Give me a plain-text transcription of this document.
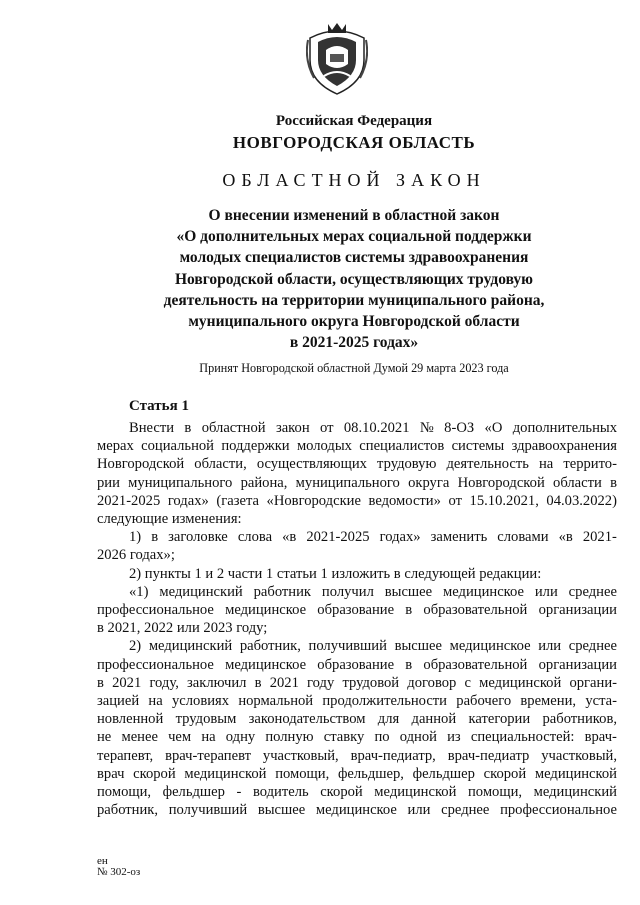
Российская Федерация
НОВГОРОДСКАЯ ОБЛАСТЬ
ОБЛАСТНОЙ ЗАКОН
О внесении изменений в областной закон
«О дополнительных мерах социальной поддержки
молодых специалистов системы здравоохранения
Новгородской области, осуществляющих трудовую
деятельность на территории муниципального района,
муниципального округа Новгородской области
в 2021-2025 годах»
Принят Новгородской областной Думой 29 марта 2023 года
Статья 1
Внести в областной закон от 08.10.2021 № 8-ОЗ «О дополнительных
мерах социальной поддержки молодых специалистов системы здравоохранения
Новгородской области, осуществляющих трудовую деятельность на террито-
рии муниципального района, муниципального округа Новгородской области в
2021-2025 годах» (газета «Новгородские ведомости» от 15.10.2021, 04.03.2022)
следующие изменения:
1) в заголовке слова «в 2021-2025 годах» заменить словами «в 2021-
2026 годах»;
2) пункты 1 и 2 части 1 статьи 1 изложить в следующей редакции:
«1) медицинский работник получил высшее медицинское или среднее
профессиональное медицинское образование в образовательной организации
в 2021, 2022 или 2023 году;
2) медицинский работник, получивший высшее медицинское или среднее
профессиональное медицинское образование в образовательной организации
в 2021 году, заключил в 2021 году трудовой договор с медицинской органи-
зацией на условиях нормальной продолжительности рабочего времени, уста-
новленной трудовым законодательством для данной категории работников,
не менее чем на одну полную ставку по одной из специальностей: врач-
терапевт, врач-терапевт участковый, врач-педиатр, врач-педиатр участковый,
врач скорой медицинской помощи, фельдшер, фельдшер скорой медицинской
помощи, фельдшер - водитель скорой медицинской помощи, медицинский
работник, получивший высшее медицинское или среднее профессиональное
ен
№ 302-оз
